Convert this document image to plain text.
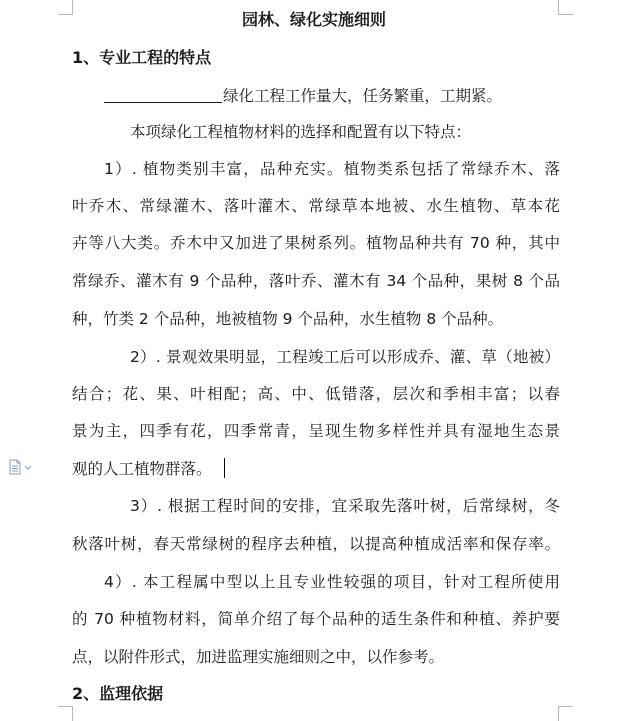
园林、绿化实施细则
1、专业工程的特点
绿化工程工作量大，任务繁重，工期紧。
本项绿化工程植物材料的选择和配置有以下特点：
1）. 植物类别丰富，品种充实。植物类系包括了常绿乔木、落
叶乔木、常绿灌木、落叶灌木、常绿草本地被、水生植物、草本花
卉等八大类。乔木中又加进了果树系列。植物品种共有 70 种，其中
常绿乔、灌木有 9 个品种，落叶乔、灌木有 34 个品种，果树 8 个品
种，竹类 2 个品种，地被植物 9 个品种，水生植物 8 个品种。
2）. 景观效果明显，工程竣工后可以形成乔、灌、草（地被）
结合；花、果、叶相配；高、中、低错落，层次和季相丰富；以春
景为主，四季有花，四季常青，呈现生物多样性并具有湿地生态景
观的人工植物群落。
3）. 根据工程时间的安排，宜采取先落叶树，后常绿树，冬
秋落叶树，春天常绿树的程序去种植，以提高种植成活率和保存率。
4）. 本工程属中型以上且专业性较强的项目，针对工程所使用
的 70 种植物材料，简单介绍了每个品种的适生条件和种植、养护要
点，以附件形式，加进监理实施细则之中，以作参考。
2、监理依据
